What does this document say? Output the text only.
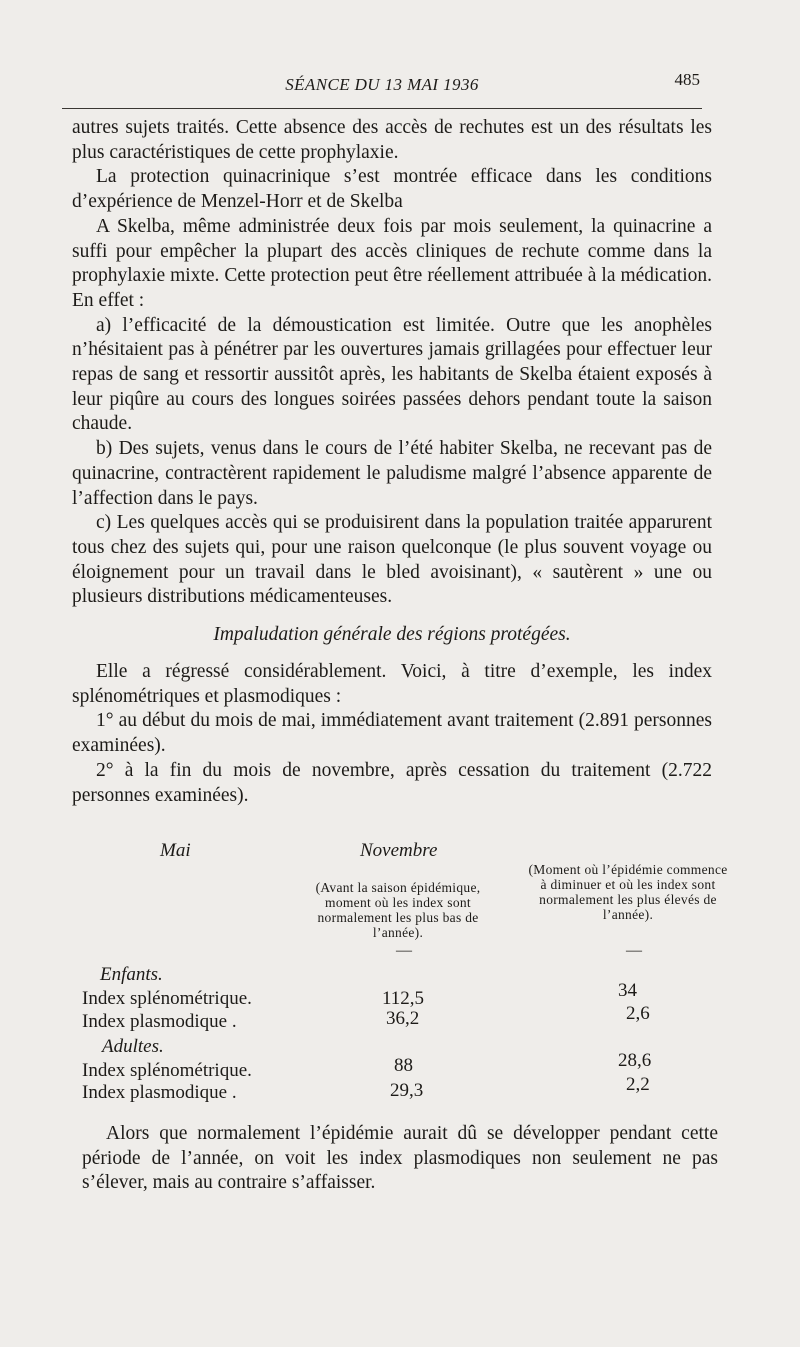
SÉANCE DU 13 MAI 1936	485

autres sujets traités. Cette absence des accès de rechutes est un des résultats les plus caractéristiques de cette prophylaxie.

La protection quinacrinique s’est montrée efficace dans les conditions d’expérience de Menzel-Horr et de Skelba

A Skelba, même administrée deux fois par mois seulement, la quinacrine a suffi pour empêcher la plupart des accès cliniques de rechute comme dans la prophylaxie mixte. Cette protection peut être réellement attribuée à la médication. En effet :

a) l’efficacité de la démoustication est limitée. Outre que les anophèles n’hésitaient pas à pénétrer par les ouvertures jamais grillagées pour effectuer leur repas de sang et ressortir aussitôt après, les habitants de Skelba étaient exposés à leur piqûre au cours des longues soirées passées dehors pendant toute la saison chaude.

b) Des sujets, venus dans le cours de l’été habiter Skelba, ne recevant pas de quinacrine, contractèrent rapidement le paludisme malgré l’absence apparente de l’affection dans le pays.

c) Les quelques accès qui se produisirent dans la population traitée apparurent tous chez des sujets qui, pour une raison quelconque (le plus souvent voyage ou éloignement pour un travail dans le bled avoisinant), « sautèrent » une ou plusieurs distributions médicamenteuses.

Impaludation générale des régions protégées.

Elle a régressé considérablement. Voici, à titre d’exemple, les index splénométriques et plasmodiques :

1° au début du mois de mai, immédiatement avant traitement (2.891 personnes examinées).

2° à la fin du mois de novembre, après cessation du traitement (2.722 personnes examinées).

Mai	Novembre
(Avant la saison épidémique, moment où les index sont normalement les plus bas de l’année).
(Moment où l’épidémie commence à diminuer et où les index sont normalement les plus élevés de l’année).
—	—
Enfants.
Index splénométrique.	112,5	34
Index plasmodique .	36,2	2,6
Adultes.
Index splénométrique.	88	28,6
Index plasmodique .	29,3	2,2

Alors que normalement l’épidémie aurait dû se développer pendant cette période de l’année, on voit les index plasmodiques non seulement ne pas s’élever, mais au contraire s’affaisser.
